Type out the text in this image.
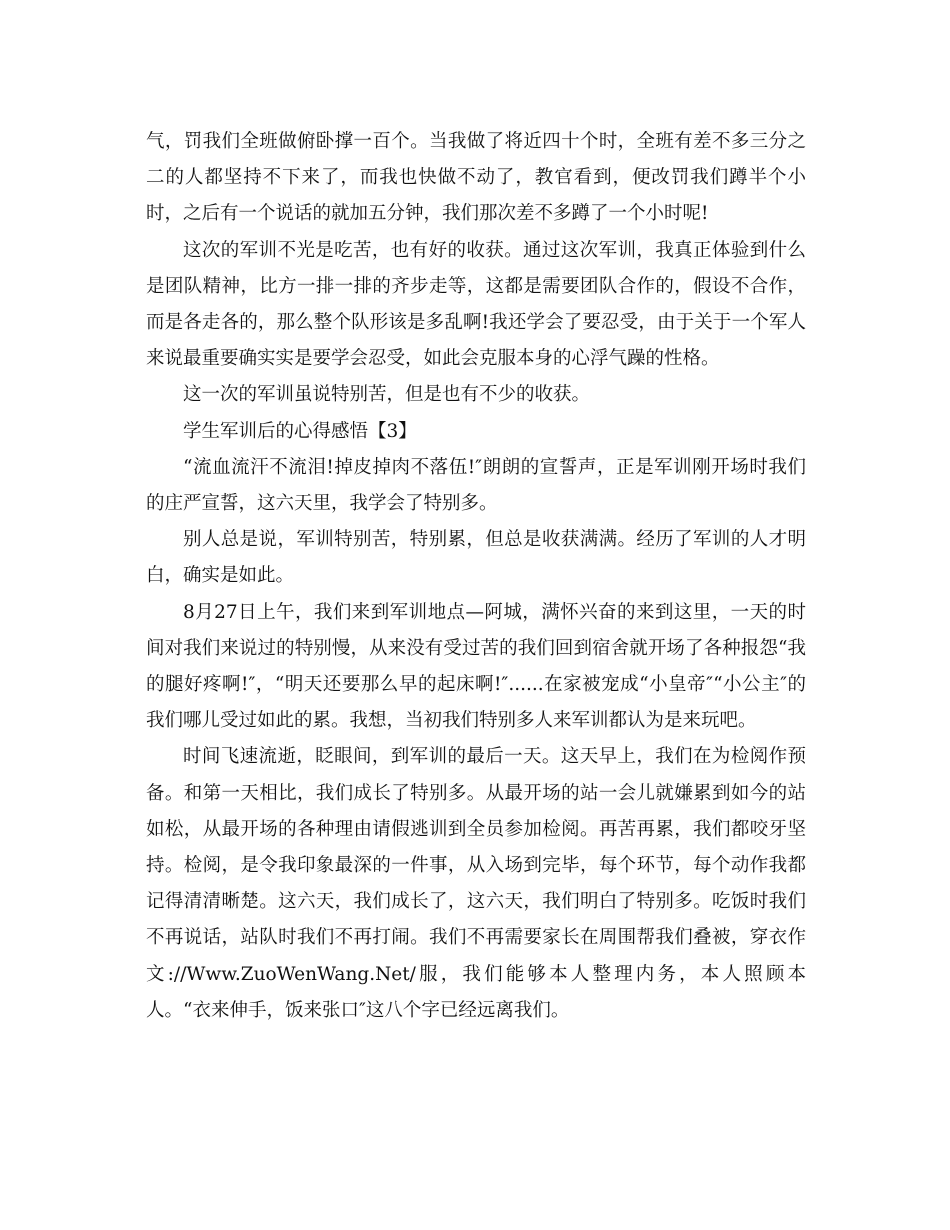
气，罚我们全班做俯卧撑一百个。当我做了将近四十个时，全班有差不多三分之二的人都坚持不下来了，而我也快做不动了，教官看到，便改罚我们蹲半个小时，之后有一个说话的就加五分钟，我们那次差不多蹲了一个小时呢!

这次的军训不光是吃苦，也有好的收获。通过这次军训，我真正体验到什么是团队精神，比方一排一排的齐步走等，这都是需要团队合作的，假设不合作，而是各走各的，那么整个队形该是多乱啊!我还学会了要忍受，由于关于一个军人来说最重要确实实是要学会忍受，如此会克服本身的心浮气躁的性格。

这一次的军训虽说特别苦，但是也有不少的收获。

学生军训后的心得感悟【3】

“流血流汗不流泪!掉皮掉肉不落伍!″朗朗的宣誓声，正是军训刚开场时我们的庄严宣誓，这六天里，我学会了特别多。

别人总是说，军训特别苦，特别累，但总是收获满满。经历了军训的人才明白，确实是如此。

8月27日上午，我们来到军训地点—阿城，满怀兴奋的来到这里，一天的时间对我们来说过的特别慢，从来没有受过苦的我们回到宿舍就开场了各种报怨“我的腿好疼啊!″，“明天还要那么早的起床啊!″......在家被宠成“小皇帝″“小公主″的我们哪儿受过如此的累。我想，当初我们特别多人来军训都认为是来玩吧。

时间飞速流逝，眨眼间，到军训的最后一天。这天早上，我们在为检阅作预备。和第一天相比，我们成长了特别多。从最开场的站一会儿就嫌累到如今的站如松，从最开场的各种理由请假逃训到全员参加检阅。再苦再累，我们都咬牙坚持。检阅，是令我印象最深的一件事，从入场到完毕，每个环节，每个动作我都记得清清晰楚。这六天，我们成长了，这六天，我们明白了特别多。吃饭时我们不再说话，站队时我们不再打闹。我们不再需要家长在周围帮我们叠被，穿衣作文://Www.ZuoWenWang.Net/服，我们能够本人整理内务，本人照顾本人。“衣来伸手，饭来张口″这八个字已经远离我们。
